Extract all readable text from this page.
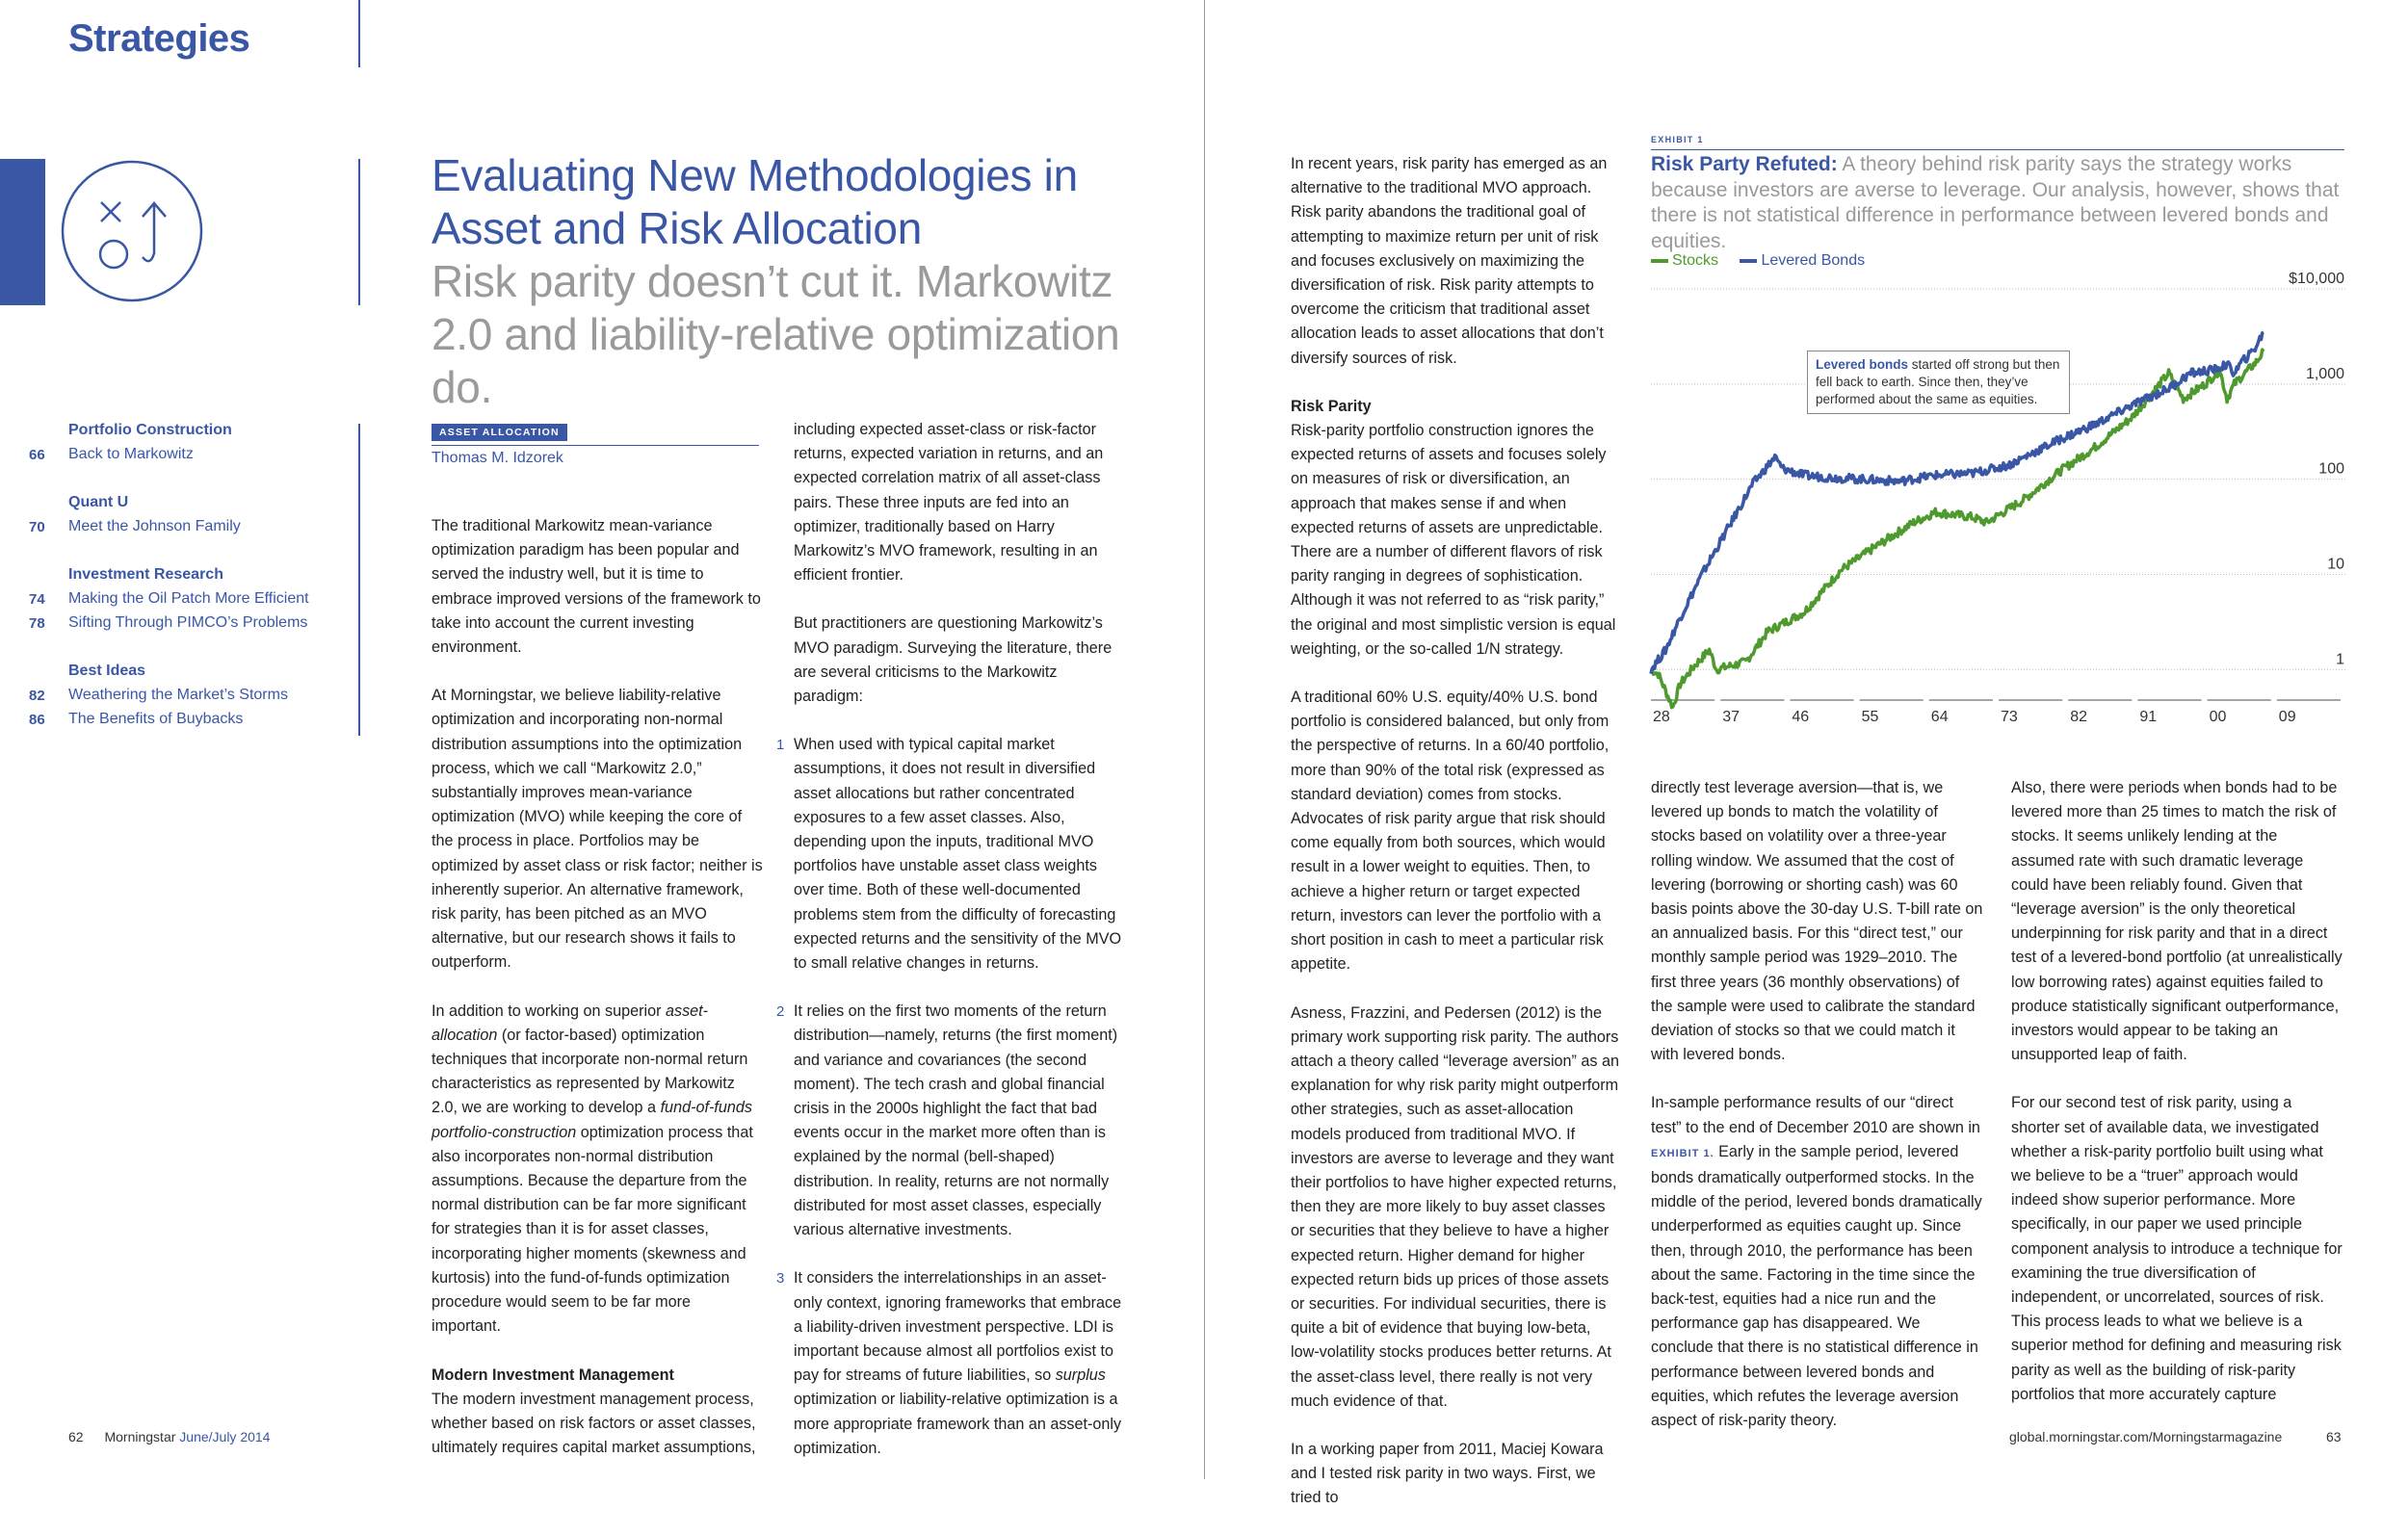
Strategies
Evaluating New Methodologies in Asset and Risk Allocation
Risk parity doesn’t cut it. Markowitz 2.0 and liability-relative optimization do.
Portfolio Construction
66 Back to Markowitz
Quant U
70 Meet the Johnson Family
Investment Research
74 Making the Oil Patch More Efficient
78 Sifting Through PIMCO’s Problems
Best Ideas
82 Weathering the Market’s Storms
86 The Benefits of Buybacks
ASSET ALLOCATION
Thomas M. Idzorek

The traditional Markowitz mean-variance optimization paradigm has been popular and served the industry well, but it is time to embrace improved versions of the framework to take into account the current investing environment.

At Morningstar, we believe liability-relative optimization and incorporating non-normal distribution assumptions into the optimization process, which we call “Markowitz 2.0,” substantially improves mean-variance optimization (MVO) while keeping the core of the process in place. Portfolios may be optimized by asset class or risk factor; neither is inherently superior. An alternative framework, risk parity, has been pitched as an MVO alternative, but our research shows it fails to outperform.

In addition to working on superior asset-allocation (or factor-based) optimization techniques that incorporate non-normal return characteristics as represented by Markowitz 2.0, we are working to develop a fund-of-funds portfolio-construction optimization process that also incorporates non-normal distribution assumptions. Because the departure from the normal distribution can be far more significant for strategies than it is for asset classes, incorporating higher moments (skewness and kurtosis) into the fund-of-funds optimization procedure would seem to be far more important.

Modern Investment Management

The modern investment management process, whether based on risk factors or asset classes, ultimately requires capital market assumptions,

including expected asset-class or risk-factor returns, expected variation in returns, and an expected correlation matrix of all asset-class pairs. These three inputs are fed into an optimizer, traditionally based on Harry Markowitz’s MVO framework, resulting in an efficient frontier.

But practitioners are questioning Markowitz’s MVO paradigm. Surveying the literature, there are several criticisms to the Markowitz paradigm:

1 When used with typical capital market assumptions, it does not result in diversified asset allocations but rather concentrated exposures to a few asset classes. Also, depending upon the inputs, traditional MVO portfolios have unstable asset class weights over time. Both of these well-documented problems stem from the difficulty of forecasting expected returns and the sensitivity of the MVO to small relative changes in returns.

2 It relies on the first two moments of the return distribution—namely, returns (the first moment) and variance and covariances (the second moment). The tech crash and global financial crisis in the 2000s highlight the fact that bad events occur in the market more often than is explained by the normal (bell-shaped) distribution. In reality, returns are not normally distributed for most asset classes, especially various alternative investments.

3 It considers the interrelationships in an asset-only context, ignoring frameworks that embrace a liability-driven investment perspective. LDI is important because almost all portfolios exist to pay for streams of future liabilities, so surplus optimization or liability-relative optimization is a more appropriate framework than an asset-only optimization.

In recent years, risk parity has emerged as an alternative to the traditional MVO approach. Risk parity abandons the traditional goal of attempting to maximize return per unit of risk and focuses exclusively on maximizing the diversification of risk. Risk parity attempts to overcome the criticism that traditional asset allocation leads to asset allocations that don’t diversify sources of risk.

Risk Parity

Risk-parity portfolio construction ignores the expected returns of assets and focuses solely on measures of risk or diversification, an approach that makes sense if and when expected returns of assets are unpredictable. There are a number of different flavors of risk parity ranging in degrees of sophistication. Although it was not referred to as “risk parity,” the original and most simplistic version is equal weighting, or the so-called 1/N strategy.

A traditional 60% U.S. equity/40% U.S. bond portfolio is considered balanced, but only from the perspective of returns. In a 60/40 portfolio, more than 90% of the total risk (expressed as standard deviation) comes from stocks. Advocates of risk parity argue that risk should come equally from both sources, which would result in a lower weight to equities. Then, to achieve a higher return or target expected return, investors can lever the portfolio with a short position in cash to meet a particular risk appetite.

Asness, Frazzini, and Pedersen (2012) is the primary work supporting risk parity. The authors attach a theory called “leverage aversion” as an explanation for why risk parity might outperform other strategies, such as asset-allocation models produced from traditional MVO. If investors are averse to leverage and they want their portfolios to have higher expected returns, then they are more likely to buy asset classes or securities that they believe to have a higher expected return. Higher demand for higher expected return bids up prices of those assets or securities. For individual securities, there is quite a bit of evidence that buying low-beta, low-volatility stocks produces better returns. At the asset-class level, there really is not very much evidence of that.

In a working paper from 2011, Maciej Kowara and I tested risk parity in two ways. First, we tried to

EXHIBIT 1
Risk Party Refuted: A theory behind risk parity says the strategy works because investors are averse to leverage. Our analysis, however, shows that there is not statistical difference in performance between levered bonds and equities.
Stocks	Levered Bonds
$10,000
1,000
100
10
1
28	37	46	55	64	73	82	91	00	09
Levered bonds started off strong but then fell back to earth. Since then, they’ve performed about the same as equities.

directly test leverage aversion—that is, we levered up bonds to match the volatility of stocks based on volatility over a three-year rolling window. We assumed that the cost of levering (borrowing or shorting cash) was 60 basis points above the 30-day U.S. T-bill rate on an annualized basis. For this “direct test,” our monthly sample period was 1929–2010. The first three years (36 monthly observations) of the sample were used to calibrate the standard deviation of stocks so that we could match it with levered bonds.

In-sample performance results of our “direct test” to the end of December 2010 are shown in EXHIBIT 1. Early in the sample period, levered bonds dramatically outperformed stocks. In the middle of the period, levered bonds dramatically underperformed as equities caught up. Since then, through 2010, the performance has been about the same. Factoring in the time since the back-test, equities had a nice run and the performance gap has disappeared. We conclude that there is no statistical difference in performance between levered bonds and equities, which refutes the leverage aversion aspect of risk-parity theory.

Also, there were periods when bonds had to be levered more than 25 times to match the risk of stocks. It seems unlikely lending at the assumed rate with such dramatic leverage could have been reliably found. Given that “leverage aversion” is the only theoretical underpinning for risk parity and that in a direct test of a levered-bond portfolio (at unrealistically low borrowing rates) against equities failed to produce statistically significant outperformance, investors would appear to be taking an unsupported leap of faith.

For our second test of risk parity, using a shorter set of available data, we investigated whether a risk-parity portfolio built using what we believe to be a “truer” approach would indeed show superior performance. More specifically, in our paper we used principle component analysis to introduce a technique for examining the true diversification of independent, or uncorrelated, sources of risk. This process leads to what we believe is a superior method for defining and measuring risk parity as well as the building of risk-parity portfolios that more accurately capture

62 Morningstar June/July 2014	global.morningstar.com/Morningstarmagazine	63
